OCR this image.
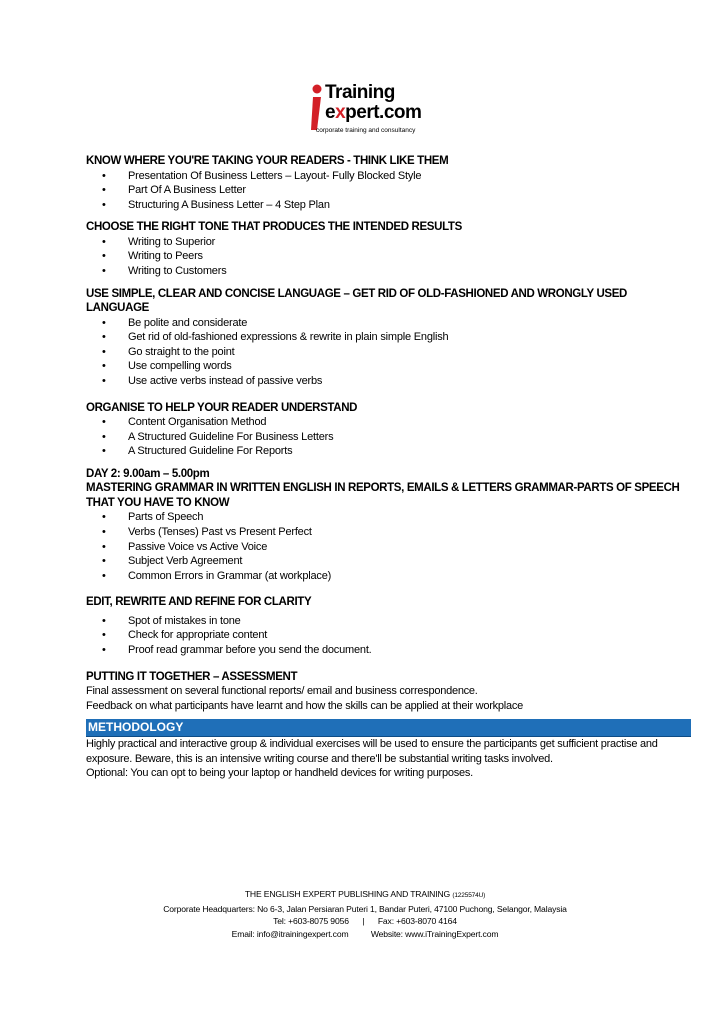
Training
expert.com
corporate training and consultancy
KNOW WHERE YOU'RE TAKING YOUR READERS - THINK LIKE THEM
• Presentation Of Business Letters – Layout- Fully Blocked Style
• Part Of A Business Letter
• Structuring A Business Letter – 4 Step Plan
CHOOSE THE RIGHT TONE THAT PRODUCES THE INTENDED RESULTS
• Writing to Superior
• Writing to Peers
• Writing to Customers
USE SIMPLE, CLEAR AND CONCISE LANGUAGE – GET RID OF OLD-FASHIONED AND WRONGLY USED LANGUAGE
• Be polite and considerate
• Get rid of old-fashioned expressions & rewrite in plain simple English
• Go straight to the point
• Use compelling words
• Use active verbs instead of passive verbs
ORGANISE TO HELP YOUR READER UNDERSTAND
• Content Organisation Method
• A Structured Guideline For Business Letters
• A Structured Guideline For Reports
DAY 2: 9.00am – 5.00pm
MASTERING GRAMMAR IN WRITTEN ENGLISH IN REPORTS, EMAILS & LETTERS GRAMMAR-PARTS OF SPEECH THAT YOU HAVE TO KNOW
• Parts of Speech
• Verbs (Tenses) Past vs Present Perfect
• Passive Voice vs Active Voice
• Subject Verb Agreement
• Common Errors in Grammar (at workplace)
EDIT, REWRITE AND REFINE FOR CLARITY
• Spot of mistakes in tone
• Check for appropriate content
• Proof read grammar before you send the document.
PUTTING IT TOGETHER – ASSESSMENT
Final assessment on several functional reports/ email and business correspondence.
Feedback on what participants have learnt and how the skills can be applied at their workplace
METHODOLOGY
Highly practical and interactive group & individual exercises will be used to ensure the participants get sufficient practise and exposure. Beware, this is an intensive writing course and there'll be substantial writing tasks involved.
Optional: You can opt to being your laptop or handheld devices for writing purposes.
THE ENGLISH EXPERT PUBLISHING AND TRAINING (1225574U)
Corporate Headquarters: No 6-3, Jalan Persiaran Puteri 1, Bandar Puteri, 47100 Puchong, Selangor, Malaysia
Tel: +603-8075 9056 | Fax: +603-8070 4164
Email: info@itrainingexpert.com	Website: www.iTrainingExpert.com
